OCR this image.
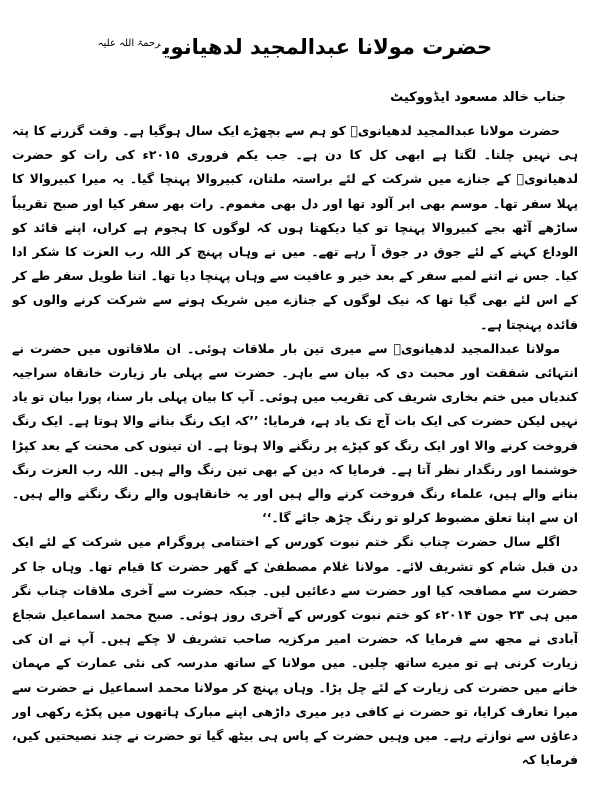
حضرت مولانا عبدالمجید لدھیانوی$^{رحمۃ اللہ علیہ}$
جناب خالد مسعود ایڈووکیٹ

حضرت مولانا عبدالمجید لدھیانویؒ کو ہم سے بچھڑے ایک سال ہوگیا ہے۔ وقت گزرنے کا پتہ ہی نہیں چلتا۔ لگتا ہے ابھی کل کا دن ہے۔ جب یکم فروری ۲۰۱۵ء کی رات کو حضرت لدھیانویؒ کے جنازے میں شرکت کے لئے براستہ ملتان، کبیروالا پہنچا گیا۔ یہ میرا کبیروالا کا پہلا سفر تھا۔ موسم بھی ابر آلود تھا اور دل بھی مغموم۔ رات بھر سفر کیا اور صبح تقریباً ساڑھے آٹھ بجے کبیروالا پہنچا تو کیا دیکھتا ہوں کہ لوگوں کا ہجوم ہے کراں، اپنے قائد کو الوداع کہنے کے لئے جوق در جوق آ رہے تھے۔ میں نے وہاں پہنچ کر اللہ رب العزت کا شکر ادا کیا۔ جس نے اتنے لمبے سفر کے بعد خیر و عافیت سے وہاں پہنچا دیا تھا۔ اتنا طویل سفر طے کر کے اس لئے بھی گیا تھا کہ نیک لوگوں کے جنازے میں شریک ہونے سے شرکت کرنے والوں کو فائدہ پہنچتا ہے۔

مولانا عبدالمجید لدھیانویؒ سے میری تین بار ملاقات ہوئی۔ ان ملاقاتوں میں حضرت نے انتہائی شفقت اور محبت دی کہ بیان سے باہر۔ حضرت سے پہلی بار زیارت خانقاہ سراجیہ کندیاں میں ختم بخاری شریف کی تقریب میں ہوئی۔ آپ کا بیان پہلی بار سنا، پورا بیان تو یاد نہیں لیکن حضرت کی ایک بات آج تک یاد ہے، فرمایا: ’’کہ ایک رنگ بنانے والا ہوتا ہے۔ ایک رنگ فروخت کرنے والا اور ایک رنگ کو کپڑے پر رنگنے والا ہوتا ہے۔ ان تینوں کی محنت کے بعد کپڑا خوشنما اور رنگدار نظر آتا ہے۔ فرمایا کہ دین کے بھی تین رنگ والے ہیں۔ اللہ رب العزت رنگ بنانے والے ہیں، علماء رنگ فروخت کرنے والے ہیں اور یہ خانقاہوں والے رنگ رنگنے والے ہیں۔ ان سے اپنا تعلق مضبوط کرلو تو رنگ چڑھ جائے گا۔‘‘

اگلے سال حضرت چناب نگر ختم نبوت کورس کے اختتامی پروگرام میں شرکت کے لئے ایک دن قبل شام کو تشریف لائے۔ مولانا غلام مصطفیٰ کے گھر حضرت کا قیام تھا۔ وہاں جا کر حضرت سے مصافحہ کیا اور حضرت سے دعائیں لیں۔ جبکہ حضرت سے آخری ملاقات چناب نگر میں ہی ۲۳ جون ۲۰۱۴ء کو ختم نبوت کورس کے آخری روز ہوئی۔ صبح محمد اسماعیل شجاع آبادی نے مجھ سے فرمایا کہ حضرت امیر مرکزیہ صاحب تشریف لا چکے ہیں۔ آپ نے ان کی زیارت کرنی ہے تو میرے ساتھ چلیں۔ میں مولانا کے ساتھ مدرسہ کی نئی عمارت کے مہمان خانے میں حضرت کی زیارت کے لئے چل پڑا۔ وہاں پہنچ کر مولانا محمد اسماعیل نے حضرت سے میرا تعارف کرایا، تو حضرت نے کافی دیر میری داڑھی اپنے مبارک ہاتھوں میں پکڑے رکھی اور دعاؤں سے نوازتے رہے۔ میں وہیں حضرت کے پاس ہی بیٹھ گیا تو حضرت نے چند نصیحتیں کیں، فرمایا کہ
